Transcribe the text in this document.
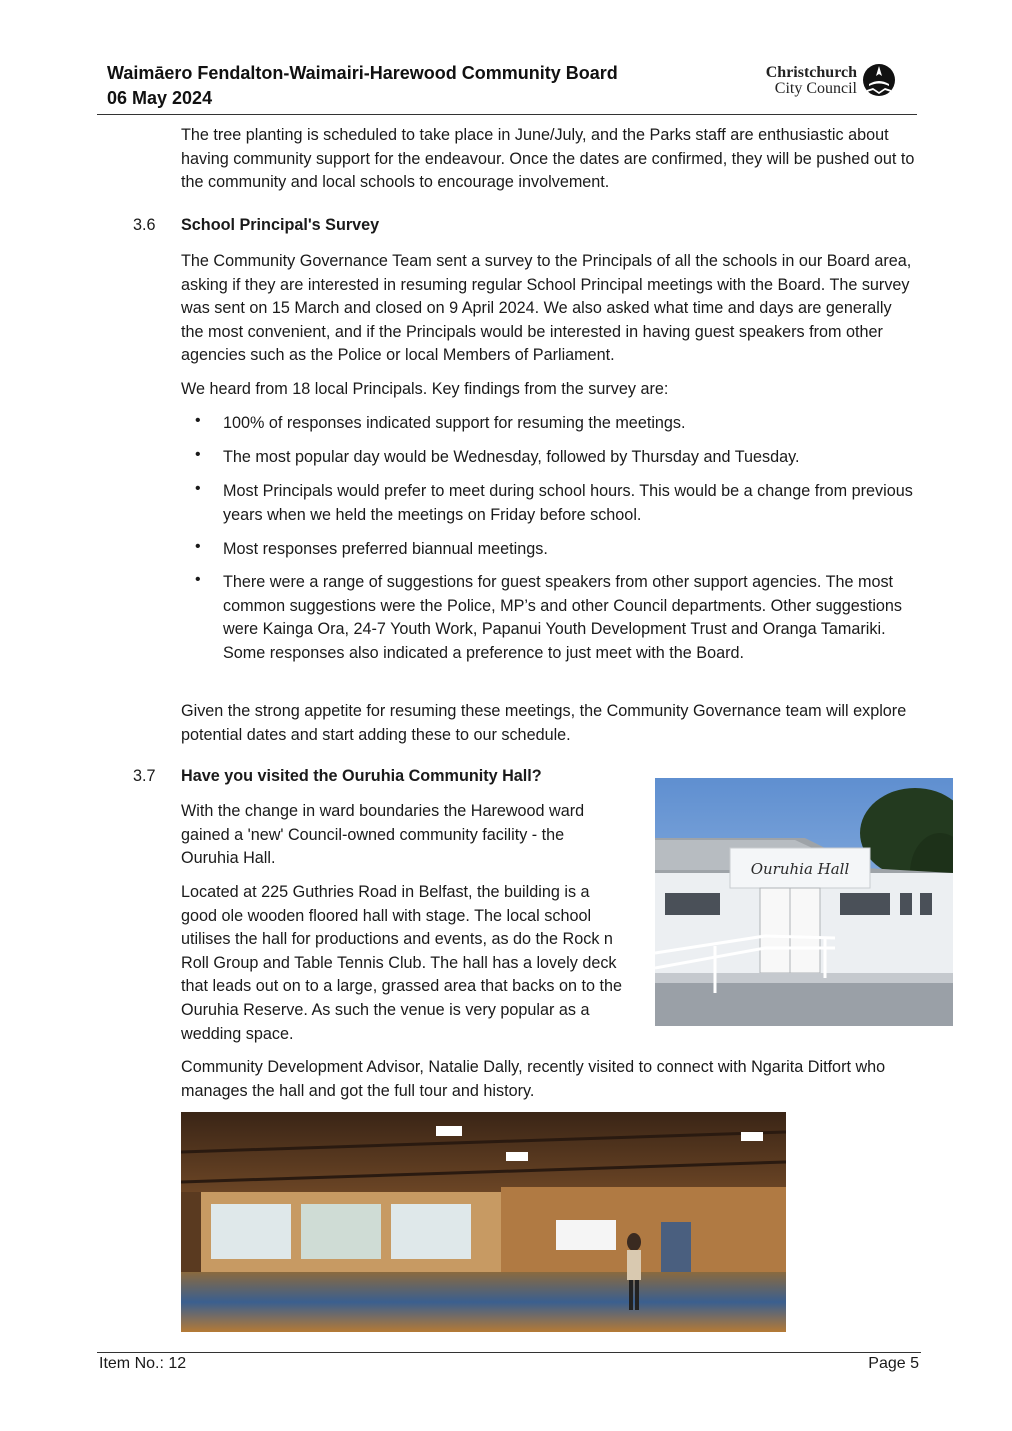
Waimāero Fendalton-Waimairi-Harewood Community Board
06 May 2024
Christchurch
City Council
The tree planting is scheduled to take place in June/July, and the Parks staff are enthusiastic about having community support for the endeavour. Once the dates are confirmed, they will be pushed out to the community and local schools to encourage involvement.
3.6 School Principal's Survey
The Community Governance Team sent a survey to the Principals of all the schools in our Board area, asking if they are interested in resuming regular School Principal meetings with the Board. The survey was sent on 15 March and closed on 9 April 2024. We also asked what time and days are generally the most convenient, and if the Principals would be interested in having guest speakers from other agencies such as the Police or local Members of Parliament.
We heard from 18 local Principals. Key findings from the survey are:
• 100% of responses indicated support for resuming the meetings.
• The most popular day would be Wednesday, followed by Thursday and Tuesday.
• Most Principals would prefer to meet during school hours. This would be a change from previous years when we held the meetings on Friday before school.
• Most responses preferred biannual meetings.
• There were a range of suggestions for guest speakers from other support agencies. The most common suggestions were the Police, MP’s and other Council departments. Other suggestions were Kainga Ora, 24-7 Youth Work, Papanui Youth Development Trust and Oranga Tamariki. Some responses also indicated a preference to just meet with the Board.
Given the strong appetite for resuming these meetings, the Community Governance team will explore potential dates and start adding these to our schedule.
3.7 Have you visited the Ouruhia Community Hall?
With the change in ward boundaries the Harewood ward gained a 'new' Council-owned community facility - the Ouruhia Hall.
Located at 225 Guthries Road in Belfast, the building is a good ole wooden floored hall with stage. The local school utilises the hall for productions and events, as do the Rock n Roll Group and Table Tennis Club. The hall has a lovely deck that leads out on to a large, grassed area that backs on to the Ouruhia Reserve. As such the venue is very popular as a wedding space.
Ouruhia Hall
Community Development Advisor, Natalie Dally, recently visited to connect with Ngarita Ditfort who manages the hall and got the full tour and history.
Item No.: 12	Page 5
